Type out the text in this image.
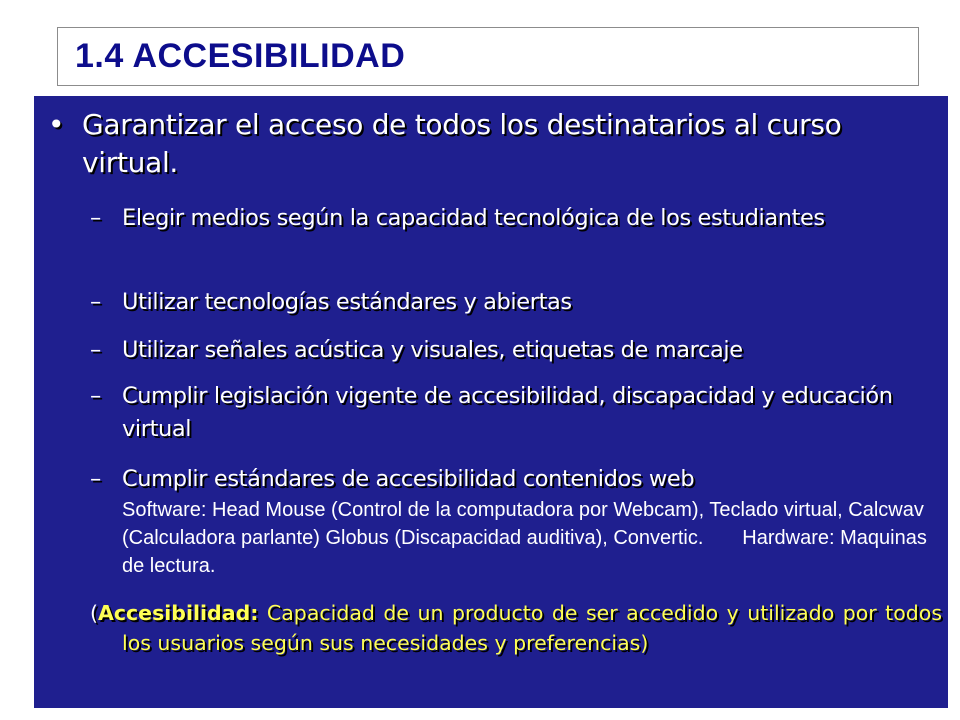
1.4 ACCESIBILIDAD
• Garantizar el acceso de todos los destinatarios al curso virtual.
– Elegir medios según la capacidad tecnológica de los estudiantes
– Utilizar tecnologías estándares y abiertas
– Utilizar señales acústica y visuales, etiquetas de marcaje
– Cumplir legislación vigente de accesibilidad, discapacidad y educación virtual
– Cumplir estándares de accesibilidad contenidos web
Software: Head Mouse (Control de la computadora por Webcam), Teclado virtual, Calcwav (Calculadora parlante) Globus (Discapacidad auditiva), Convertic. Hardware: Maquinas de lectura.
(Accesibilidad: Capacidad de un producto de ser accedido y utilizado por todos los usuarios según sus necesidades y preferencias)
